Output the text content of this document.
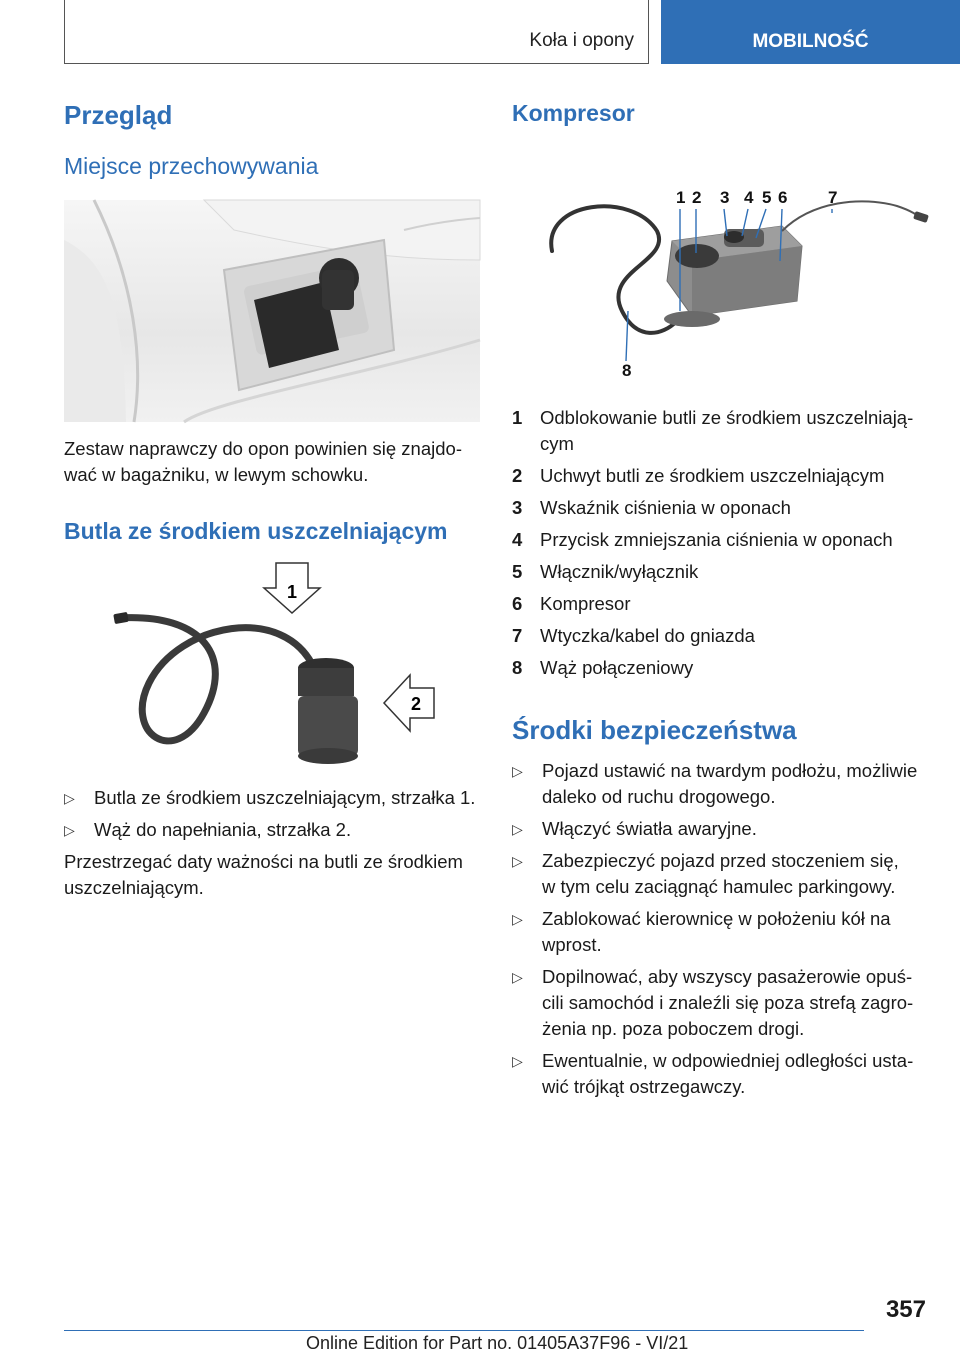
Koła i opony	MOBILNOŚĆ
Przegląd
Miejsce przechowywania

Zestaw naprawczy do opon powinien się znajdo-
wać w bagażniku, w lewym schowku.

Butla ze środkiem uszczelniającym
1
2
▷ Butla ze środkiem uszczelniającym, strzałka 1.
▷ Wąż do napełniania, strzałka 2.

Przestrzegać daty ważności na butli ze środkiem
uszczelniającym.

Kompresor
1 2 3 4 5 6 7
8
1 Odblokowanie butli ze środkiem uszczelniają-
cym
2 Uchwyt butli ze środkiem uszczelniającym
3 Wskaźnik ciśnienia w oponach
4 Przycisk zmniejszania ciśnienia w oponach
5 Włącznik/wyłącznik
6 Kompresor
7 Wtyczka/kabel do gniazda
8 Wąż połączeniowy
Środki bezpieczeństwa
▷ Pojazd ustawić na twardym podłożu, możliwie
daleko od ruchu drogowego.
▷ Włączyć światła awaryjne.
▷ Zabezpieczyć pojazd przed stoczeniem się,
w tym celu zaciągnąć hamulec parkingowy.
▷ Zablokować kierownicę w położeniu kół na
wprost.
▷ Dopilnować, aby wszyscy pasażerowie opuś-
cili samochód i znaleźli się poza strefą zagro-
żenia np. poza poboczem drogi.
▷ Ewentualnie, w odpowiedniej odległości usta-
wić trójkąt ostrzegawczy.
357
Online Edition for Part no. 01405A37F96 - VI/21
